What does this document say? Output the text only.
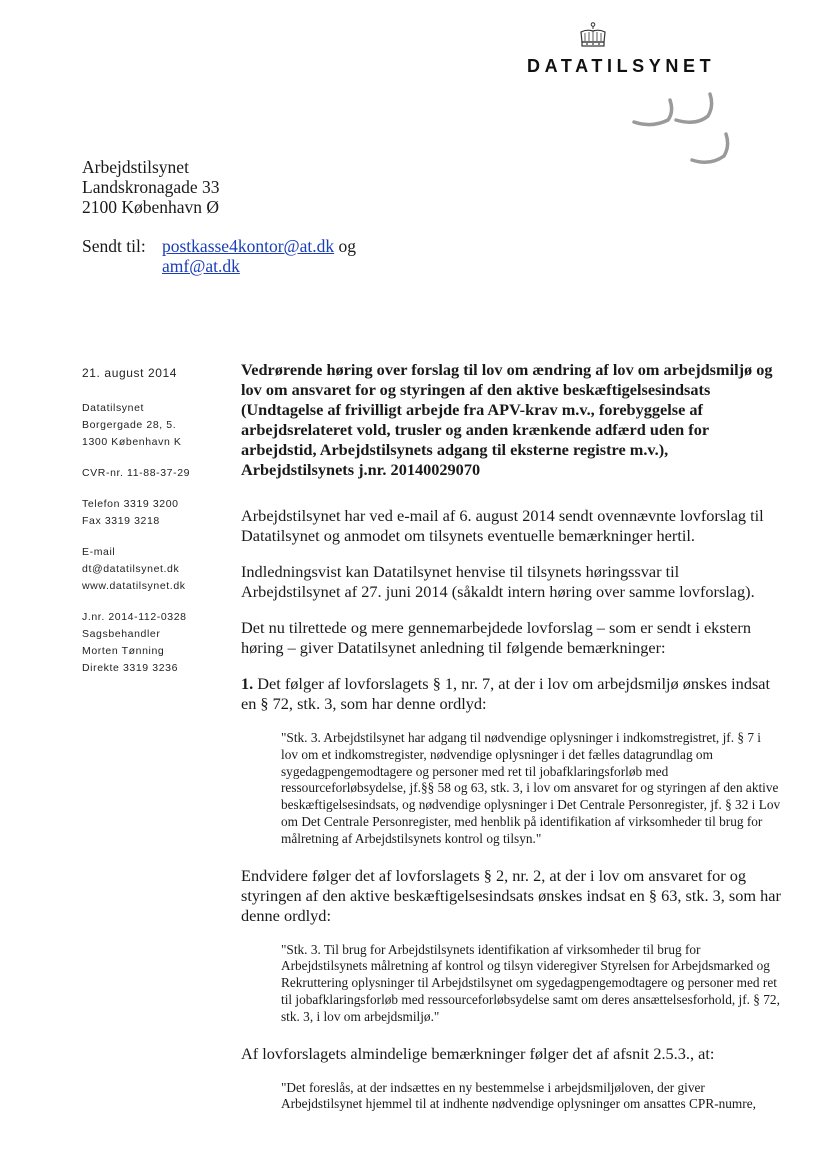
DATATILSYNET
Arbejdstilsynet
Landskronagade 33
2100 København Ø
Sendt til: postkasse4kontor@at.dk og
amf@at.dk
21. august 2014
Datatilsynet
Borgergade 28, 5.
1300 København K
CVR-nr. 11-88-37-29
Telefon 3319 3200
Fax 3319 3218
E-mail
dt@datatilsynet.dk
www.datatilsynet.dk
J.nr. 2014-112-0328
Sagsbehandler
Morten Tønning
Direkte 3319 3236
Vedrørende høring over forslag til lov om ændring af lov om arbejdsmiljø og lov om ansvaret for og styringen af den aktive beskæftigelsesindsats (Undtagelse af frivilligt arbejde fra APV-krav m.v., forebyggelse af arbejdsrelateret vold, trusler og anden krænkende adfærd uden for arbejdstid, Arbejdstilsynets adgang til eksterne registre m.v.), Arbejdstilsynets j.nr. 20140029070

Arbejdstilsynet har ved e-mail af 6. august 2014 sendt ovennævnte lovforslag til Datatilsynet og anmodet om tilsynets eventuelle bemærkninger hertil.

Indledningsvist kan Datatilsynet henvise til tilsynets høringssvar til Arbejdstilsynet af 27. juni 2014 (såkaldt intern høring over samme lovforslag).

Det nu tilrettede og mere gennemarbejdede lovforslag – som er sendt i ekstern høring – giver Datatilsynet anledning til følgende bemærkninger:

1. Det følger af lovforslagets § 1, nr. 7, at der i lov om arbejdsmiljø ønskes indsat en § 72, stk. 3, som har denne ordlyd:

"Stk. 3. Arbejdstilsynet har adgang til nødvendige oplysninger i indkomstregistret, jf. § 7 i lov om et indkomstregister, nødvendige oplysninger i det fælles datagrundlag om sygedagpengemodtagere og personer med ret til jobafklaringsforløb med ressourceforløbsydelse, jf.§§ 58 og 63, stk. 3, i lov om ansvaret for og styringen af den aktive beskæftigelsesindsats, og nødvendige oplysninger i Det Centrale Personregister, jf. § 32 i Lov om Det Centrale Personregister, med henblik på identifikation af virksomheder til brug for målretning af Arbejdstilsynets kontrol og tilsyn."

Endvidere følger det af lovforslagets § 2, nr. 2, at der i lov om ansvaret for og styringen af den aktive beskæftigelsesindsats ønskes indsat en § 63, stk. 3, som har denne ordlyd:

"Stk. 3. Til brug for Arbejdstilsynets identifikation af virksomheder til brug for Arbejdstilsynets målretning af kontrol og tilsyn videregiver Styrelsen for Arbejdsmarked og Rekruttering oplysninger til Arbejdstilsynet om sygedagpengemodtagere og personer med ret til jobafklaringsforløb med ressourceforløbsydelse samt om deres ansættelsesforhold, jf. § 72, stk. 3, i lov om arbejdsmiljø."

Af lovforslagets almindelige bemærkninger følger det af afsnit 2.5.3., at:

"Det foreslås, at der indsættes en ny bestemmelse i arbejdsmiljøloven, der giver Arbejdstilsynet hjemmel til at indhente nødvendige oplysninger om ansattes CPR-numre,
